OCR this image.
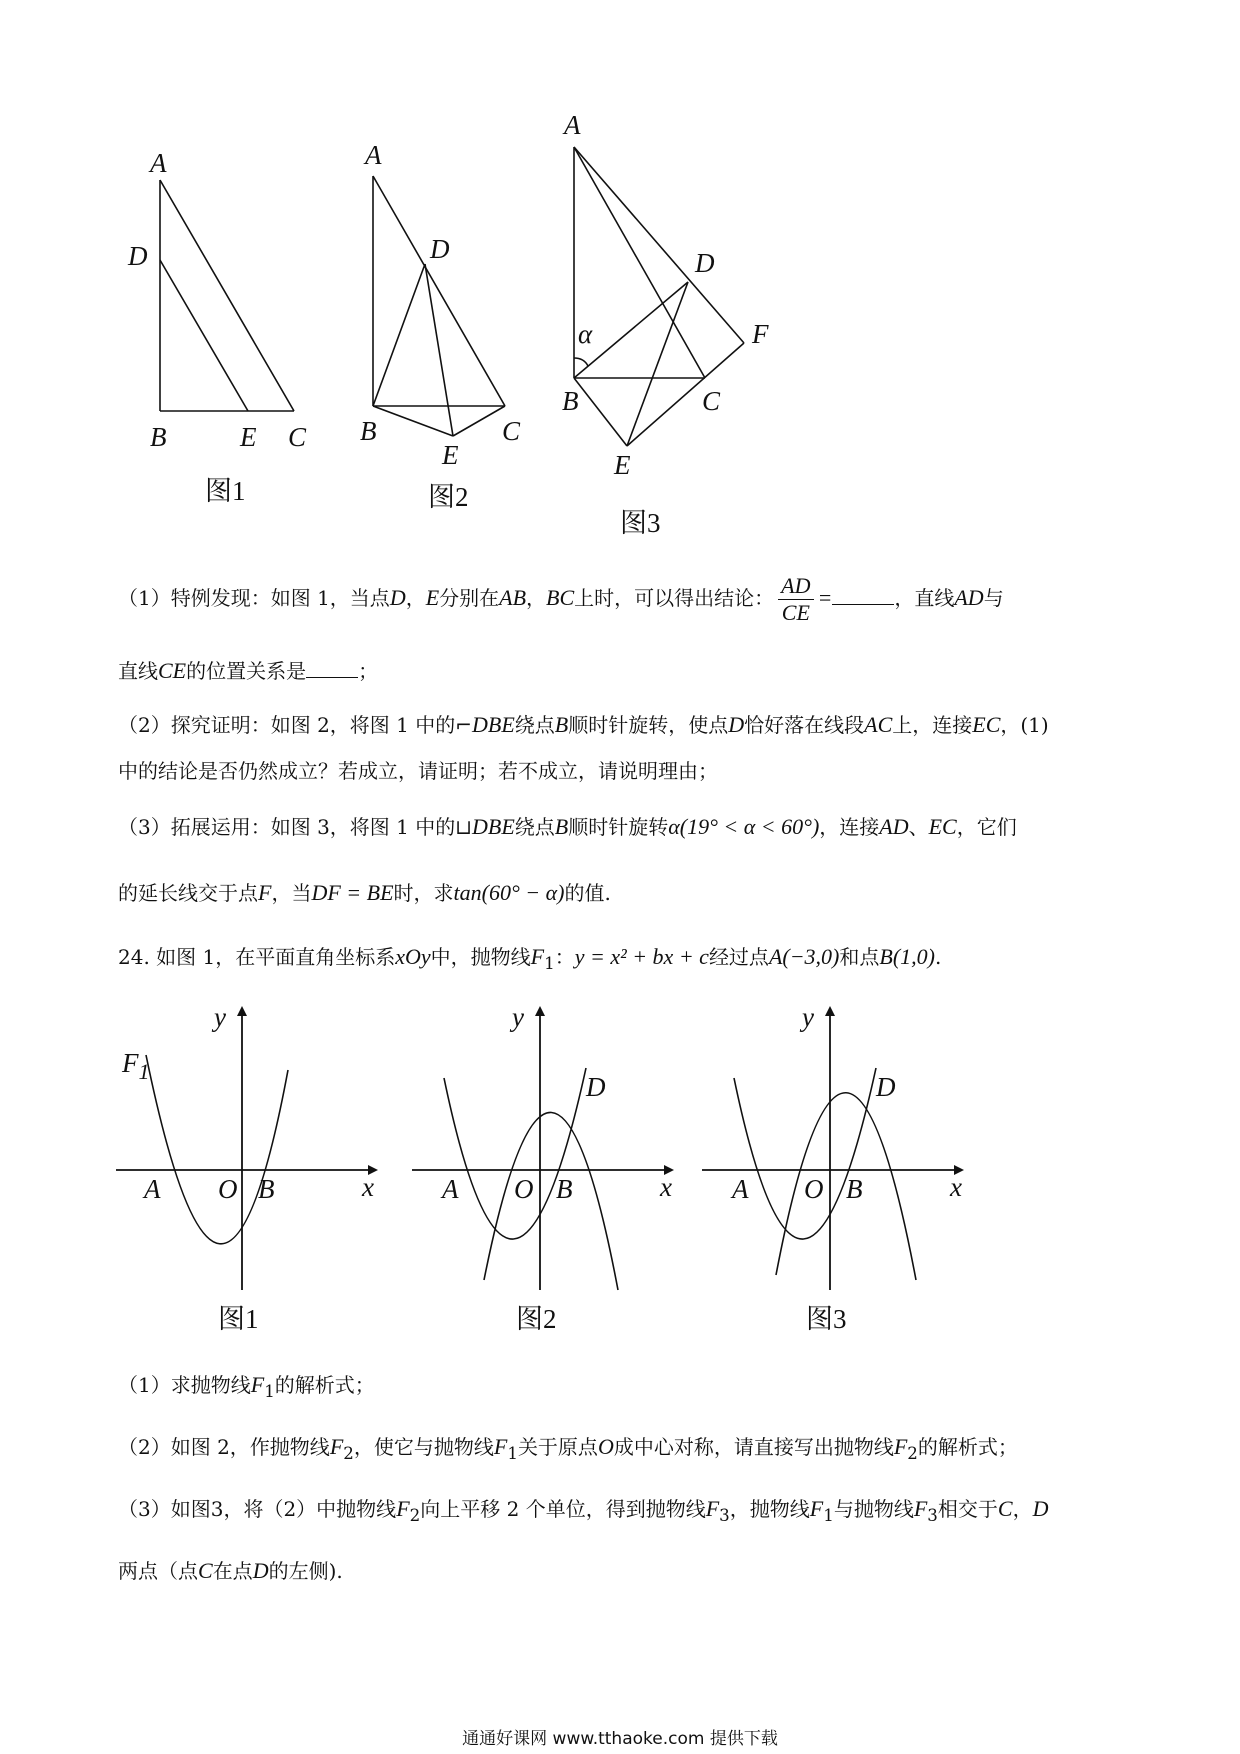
A
D
B	E C
图1
A
D
B
E
C
图2
A
D
F
α
B	C
E
图3
（1）特例发现：如图 1，当点D，E分别在AB，BC上时，可以得出结论： $\frac{AD}{CE}$ =	，直线AD与
直线CE的位置关系是	；
（2）探究证明：如图 2，将图 1 中的⌐DBE绕点B顺时针旋转，使点D恰好落在线段AC上，连接EC，(1)
中的结论是否仍然成立？若成立，请证明；若不成立，请说明理由；
（3）拓展运用：如图 3，将图 1 中的⊔DBE绕点B顺时针旋转α(19° < α < 60°)，连接AD、EC，它们
的延长线交于点F，当DF = BE时，求tan(60° − α)的值.
24. 如图 1，在平面直角坐标系xOy中，抛物线$F_1$：y = x² + bx + c经过点A(−3,0)和点B(1,0).
y
$F_1$
A O B	x
图1
y
D
A O B	x
图2
y
D
A O B	x
图3
（1）求抛物线$F_1$的解析式；
（2）如图 2，作抛物线$F_2$，使它与抛物线$F_1$关于原点O成中心对称，请直接写出抛物线$F_2$的解析式；
（3）如图3，将（2）中抛物线$F_2$向上平移 2 个单位，得到抛物线$F_3$，抛物线$F_1$与抛物线$F_3$相交于C，D
两点（点C在点D的左侧).
通通好课网 www.tthaoke.com 提供下载
